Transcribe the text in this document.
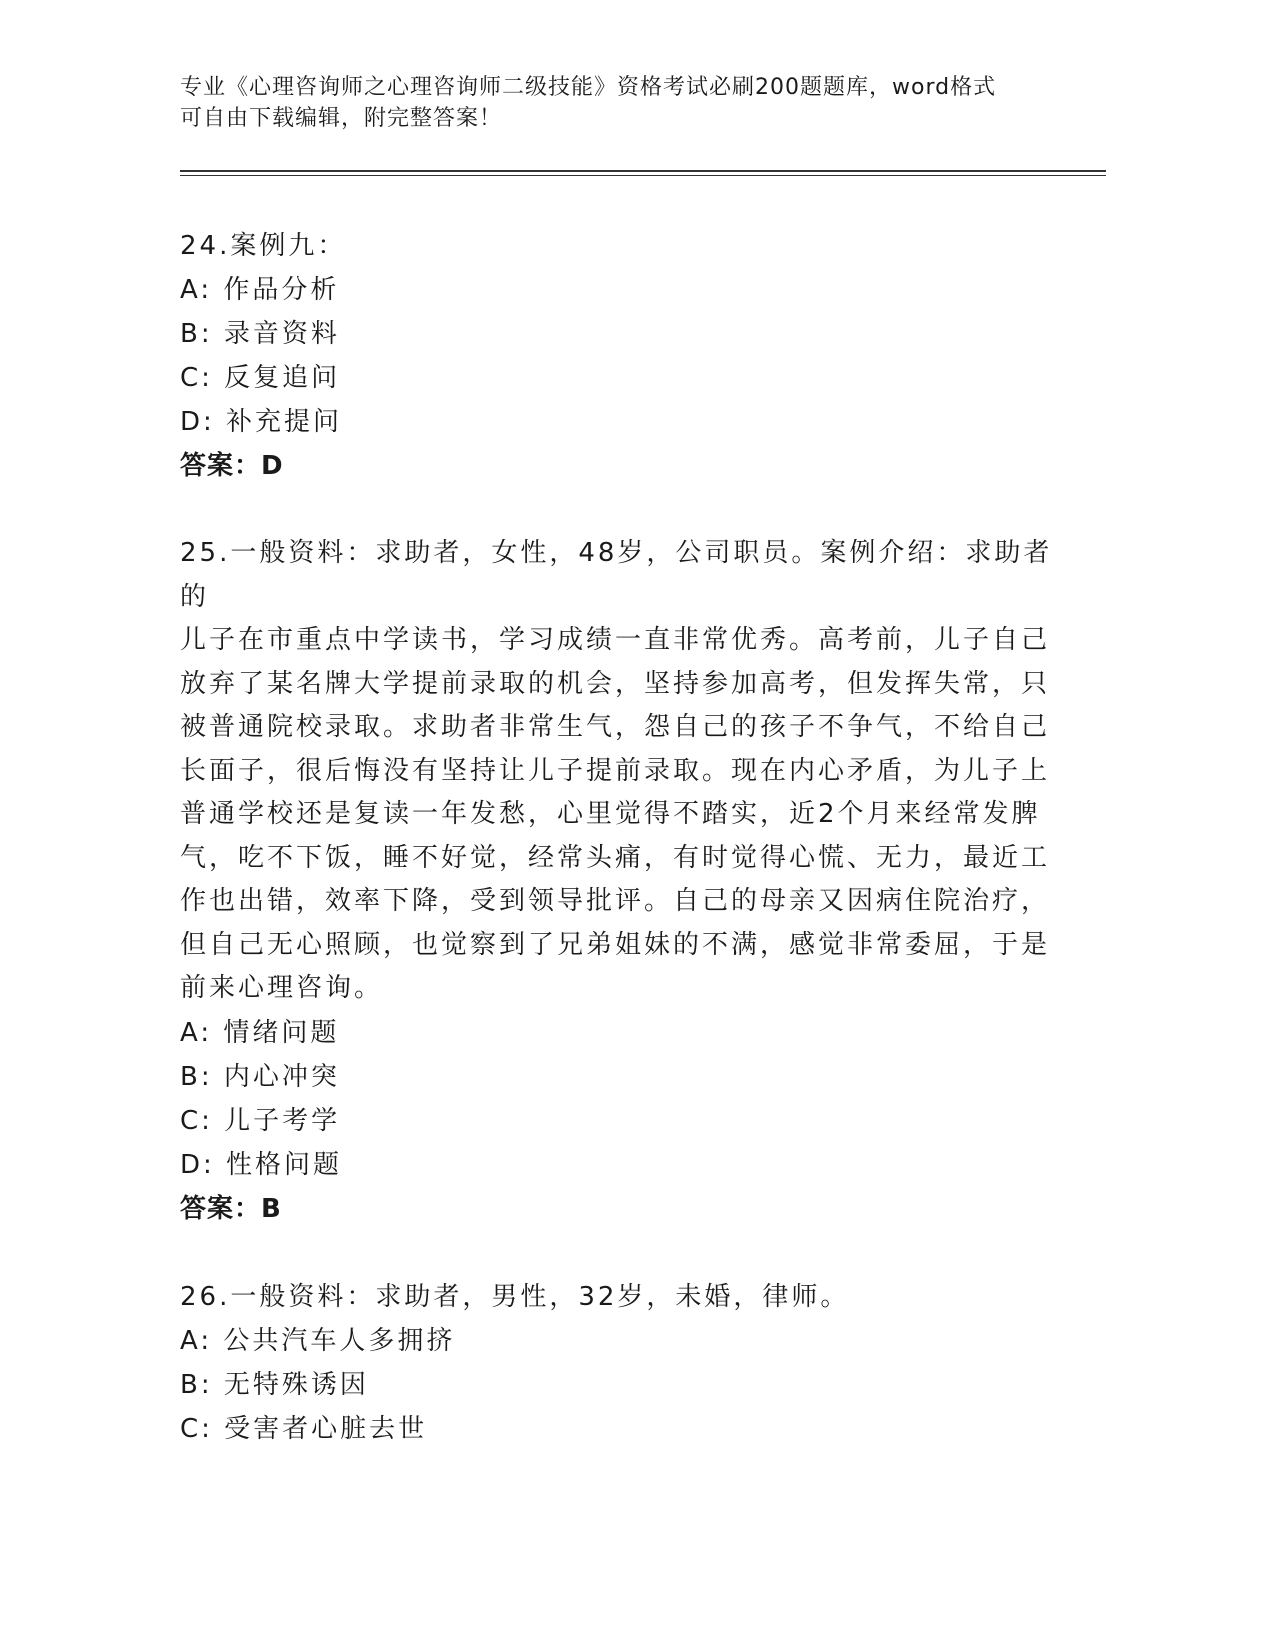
专业《心理咨询师之心理咨询师二级技能》资格考试必刷200题题库，word格式
可自由下载编辑，附完整答案！
24.案例九：
A: 作品分析
B: 录音资料
C: 反复追问
D: 补充提问
答案：D
25.一般资料：求助者，女性，48岁，公司职员。案例介绍：求助者的
儿子在市重点中学读书，学习成绩一直非常优秀。高考前，儿子自己
放弃了某名牌大学提前录取的机会，坚持参加高考，但发挥失常，只
被普通院校录取。求助者非常生气，怨自己的孩子不争气，不给自己
长面子，很后悔没有坚持让儿子提前录取。现在内心矛盾，为儿子上
普通学校还是复读一年发愁，心里觉得不踏实，近2个月来经常发脾
气，吃不下饭，睡不好觉，经常头痛，有时觉得心慌、无力，最近工
作也出错，效率下降，受到领导批评。自己的母亲又因病住院治疗，
但自己无心照顾，也觉察到了兄弟姐妹的不满，感觉非常委屈，于是
前来心理咨询。
A: 情绪问题
B: 内心冲突
C: 儿子考学
D: 性格问题
答案：B
26.一般资料：求助者，男性，32岁，未婚，律师。
A: 公共汽车人多拥挤
B: 无特殊诱因
C: 受害者心脏去世
